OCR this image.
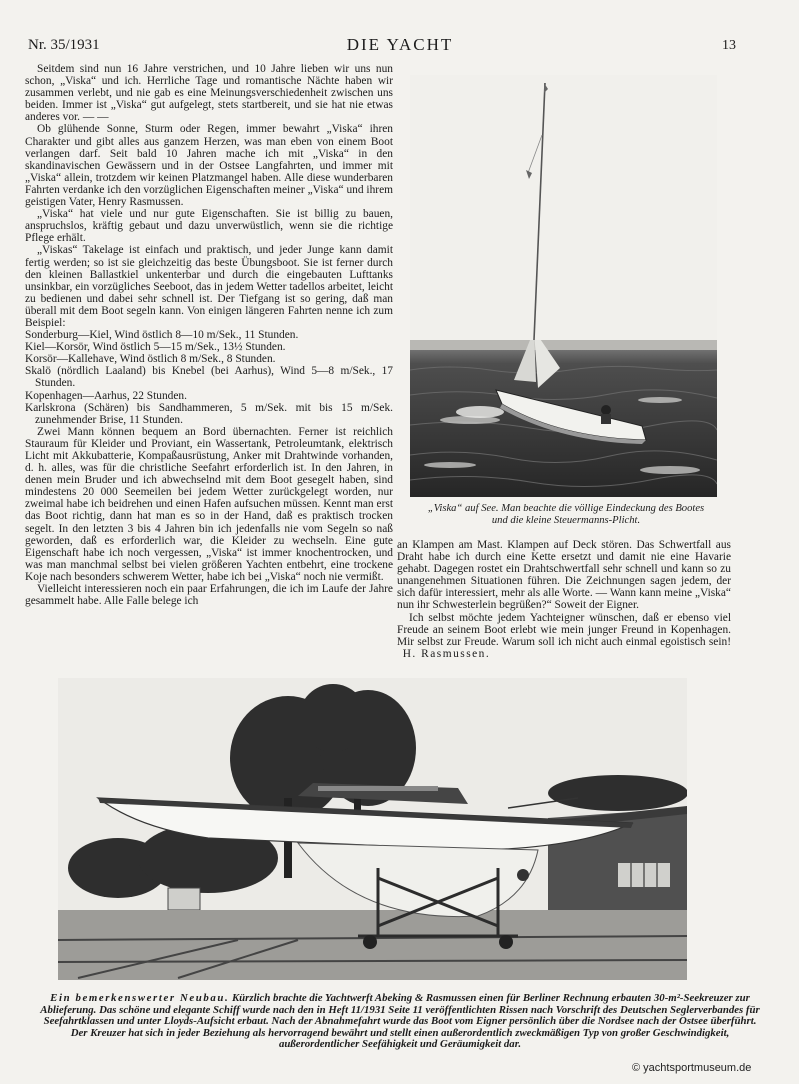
Nr. 35/1931	DIE YACHT	13

Seitdem sind nun 16 Jahre verstrichen, und 10 Jahre lieben wir uns nun schon, „Viska“ und ich. Herrliche Tage und romantische Nächte haben wir zusammen verlebt, und nie gab es eine Meinungsverschiedenheit zwischen uns beiden. Immer ist „Viska“ gut aufgelegt, stets startbereit, und sie hat nie etwas anderes vor. — —

Ob glühende Sonne, Sturm oder Regen, immer bewahrt „Viska“ ihren Charakter und gibt alles aus ganzem Herzen, was man eben von einem Boot verlangen darf. Seit bald 10 Jahren mache ich mit „Viska“ in den skandinavischen Gewässern und in der Ostsee Langfahrten, und immer mit „Viska“ allein, trotzdem wir keinen Platzmangel haben. Alle diese wunderbaren Fahrten verdanke ich den vorzüglichen Eigenschaften meiner „Viska“ und ihrem geistigen Vater, Henry Rasmussen.

„Viska“ hat viele und nur gute Eigenschaften. Sie ist billig zu bauen, anspruchslos, kräftig gebaut und dazu unverwüstlich, wenn sie die richtige Pflege erhält.

„Viskas“ Takelage ist einfach und praktisch, und jeder Junge kann damit fertig werden; so ist sie gleichzeitig das beste Übungsboot. Sie ist ferner durch den kleinen Ballastkiel unkenterbar und durch die eingebauten Lufttanks unsinkbar, ein vorzügliches Seeboot, das in jedem Wetter tadellos arbeitet, leicht zu bedienen und dabei sehr schnell ist. Der Tiefgang ist so gering, daß man überall mit dem Boot segeln kann. Von einigen längeren Fahrten nenne ich zum Beispiel:

Sonderburg—Kiel, Wind östlich 8—10 m/Sek., 11 Stunden.
Kiel—Korsör, Wind östlich 5—15 m/Sek., 13½ Stunden.
Korsör—Kallehave, Wind östlich 8 m/Sek., 8 Stunden.
Skalö (nördlich Laaland) bis Knebel (bei Aarhus), Wind 5—8 m/Sek., 17 Stunden.
Kopenhagen—Aarhus, 22 Stunden.
Karlskrona (Schären) bis Sandhammeren, 5 m/Sek. mit bis 15 m/Sek. zunehmender Brise, 11 Stunden.

Zwei Mann können bequem an Bord übernachten. Ferner ist reichlich Stauraum für Kleider und Proviant, ein Wassertank, Petroleumtank, elektrisch Licht mit Akkubatterie, Kompaßausrüstung, Anker mit Drahtwinde vorhanden, d. h. alles, was für die christliche Seefahrt erforderlich ist. In den Jahren, in denen mein Bruder und ich abwechselnd mit dem Boot gesegelt haben, sind mindestens 20 000 Seemeilen bei jedem Wetter zurückgelegt worden, nur zweimal habe ich beidrehen und einen Hafen aufsuchen müssen. Kennt man erst das Boot richtig, dann hat man es so in der Hand, daß es praktisch trocken segelt. In den letzten 3 bis 4 Jahren bin ich jedenfalls nie vom Segeln so naß geworden, daß es erforderlich war, die Kleider zu wechseln. Eine gute Eigenschaft habe ich noch vergessen, „Viska“ ist immer knochentrocken, und was man manchmal selbst bei vielen größeren Yachten entbehrt, eine trockene Koje nach besonders schwerem Wetter, habe ich bei „Viska“ noch nie vermißt.

Vielleicht interessieren noch ein paar Erfahrungen, die ich im Laufe der Jahre gesammelt habe. Alle Falle belege ich

„Viska“ auf See. Man beachte die völlige Eindeckung des Bootes
und die kleine Steuermanns-Plicht.

an Klampen am Mast. Klampen auf Deck stören. Das Schwertfall aus Draht habe ich durch eine Kette ersetzt und damit nie eine Havarie gehabt. Dagegen rostet ein Drahtschwertfall sehr schnell und kann so zu unangenehmen Situationen führen. Die Zeichnungen sagen jedem, der sich dafür interessiert, mehr als alle Worte. — Wann kann meine „Viska“ nun ihr Schwesterlein begrüßen?“ Soweit der Eigner.

Ich selbst möchte jedem Yachteigner wünschen, daß er ebenso viel Freude an seinem Boot erlebt wie mein junger Freund in Kopenhagen. Mir selbst zur Freude. Warum soll ich nicht auch einmal egoistisch sein!   H. Rasmussen.

Ein bemerkenswerter Neubau. Kürzlich brachte die Yachtwerft Abeking & Rasmussen einen für Berliner Rechnung erbauten 30-m²-Seekreuzer zur Ablieferung. Das schöne und elegante Schiff wurde nach den in Heft 11/1931 Seite 11 veröffentlichten Rissen nach Vorschrift des Deutschen Seglerverbandes für Seefahrtklassen und unter Lloyds-Aufsicht erbaut. Nach der Abnahmefahrt wurde das Boot vom Eigner persönlich über die Nordsee nach der Ostsee überführt. Der Kreuzer hat sich in jeder Beziehung als hervorragend bewährt und stellt einen außerordentlich zweckmäßigen Typ von großer Geschwindigkeit, außerordentlicher Seefähigkeit und Geräumigkeit dar.
© yachtsportmuseum.de
